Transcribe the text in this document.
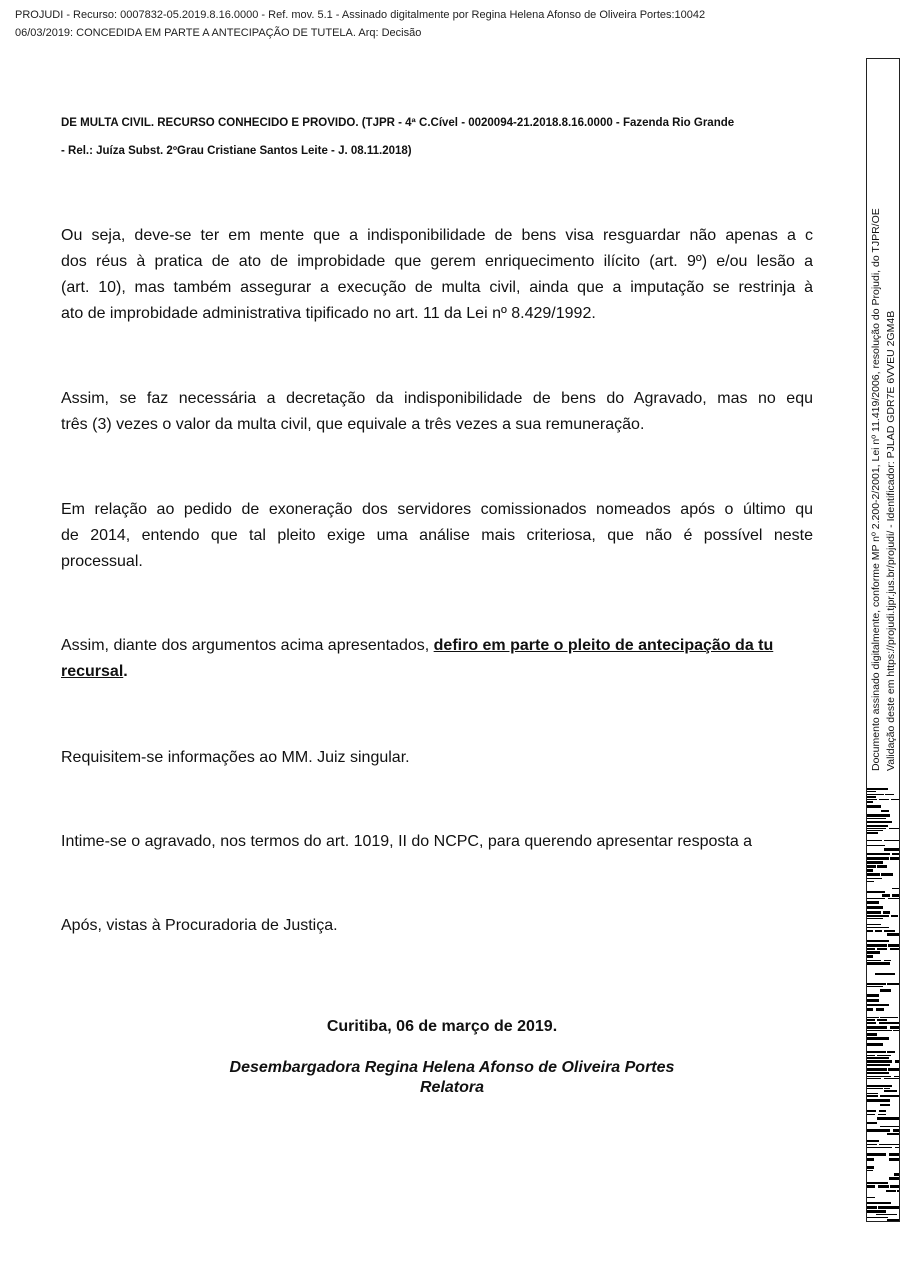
PROJUDI - Recurso: 0007832-05.2019.8.16.0000 - Ref. mov. 5.1 - Assinado digitalmente por Regina Helena Afonso de Oliveira Portes:10042
06/03/2019: CONCEDIDA EM PARTE A ANTECIPAÇÃO DE TUTELA. Arq: Decisão
DE MULTA CIVIL. RECURSO CONHECIDO E PROVIDO. (TJPR - 4ª C.Cível - 0020094-21.2018.8.16.0000 - Fazenda Rio Grande
- Rel.: Juíza Subst. 2ºGrau Cristiane Santos Leite - J. 08.11.2018)
Ou seja, deve-se ter em mente que a indisponibilidade de bens visa resguardar não apenas a c
dos réus à pratica de ato de improbidade que gerem enriquecimento ilícito (art. 9º) e/ou lesão a
(art. 10), mas também assegurar a execução de multa civil, ainda que a imputação se restrinja à
ato de improbidade administrativa tipificado no art. 11 da Lei nº 8.429/1992.
Assim, se faz necessária a decretação da indisponibilidade de bens do Agravado, mas no equ
três (3) vezes o valor da multa civil, que equivale a três vezes a sua remuneração.
Em relação ao pedido de exoneração dos servidores comissionados nomeados após o último qu
de 2014, entendo que tal pleito exige uma análise mais criteriosa, que não é possível neste
processual.
Assim, diante dos argumentos acima apresentados, defiro em parte o pleito de antecipação da tu
recursal.
Requisitem-se informações ao MM. Juiz singular.
Intime-se o agravado, nos termos do art. 1019, II do NCPC, para querendo apresentar resposta a
Após, vistas à Procuradoria de Justiça.
Curitiba, 06 de março de 2019.
Desembargadora Regina Helena Afonso de Oliveira Portes
Relatora
Documento assinado digitalmente, conforme MP nº 2.200-2/2001, Lei nº 11.419/2006, resolução do Projudi, do TJPR/OE Validação deste em https://projudi.tjpr.jus.br/projudi/ - Identificador: PJLAD GDR7E 6VVEU 2GM4B
